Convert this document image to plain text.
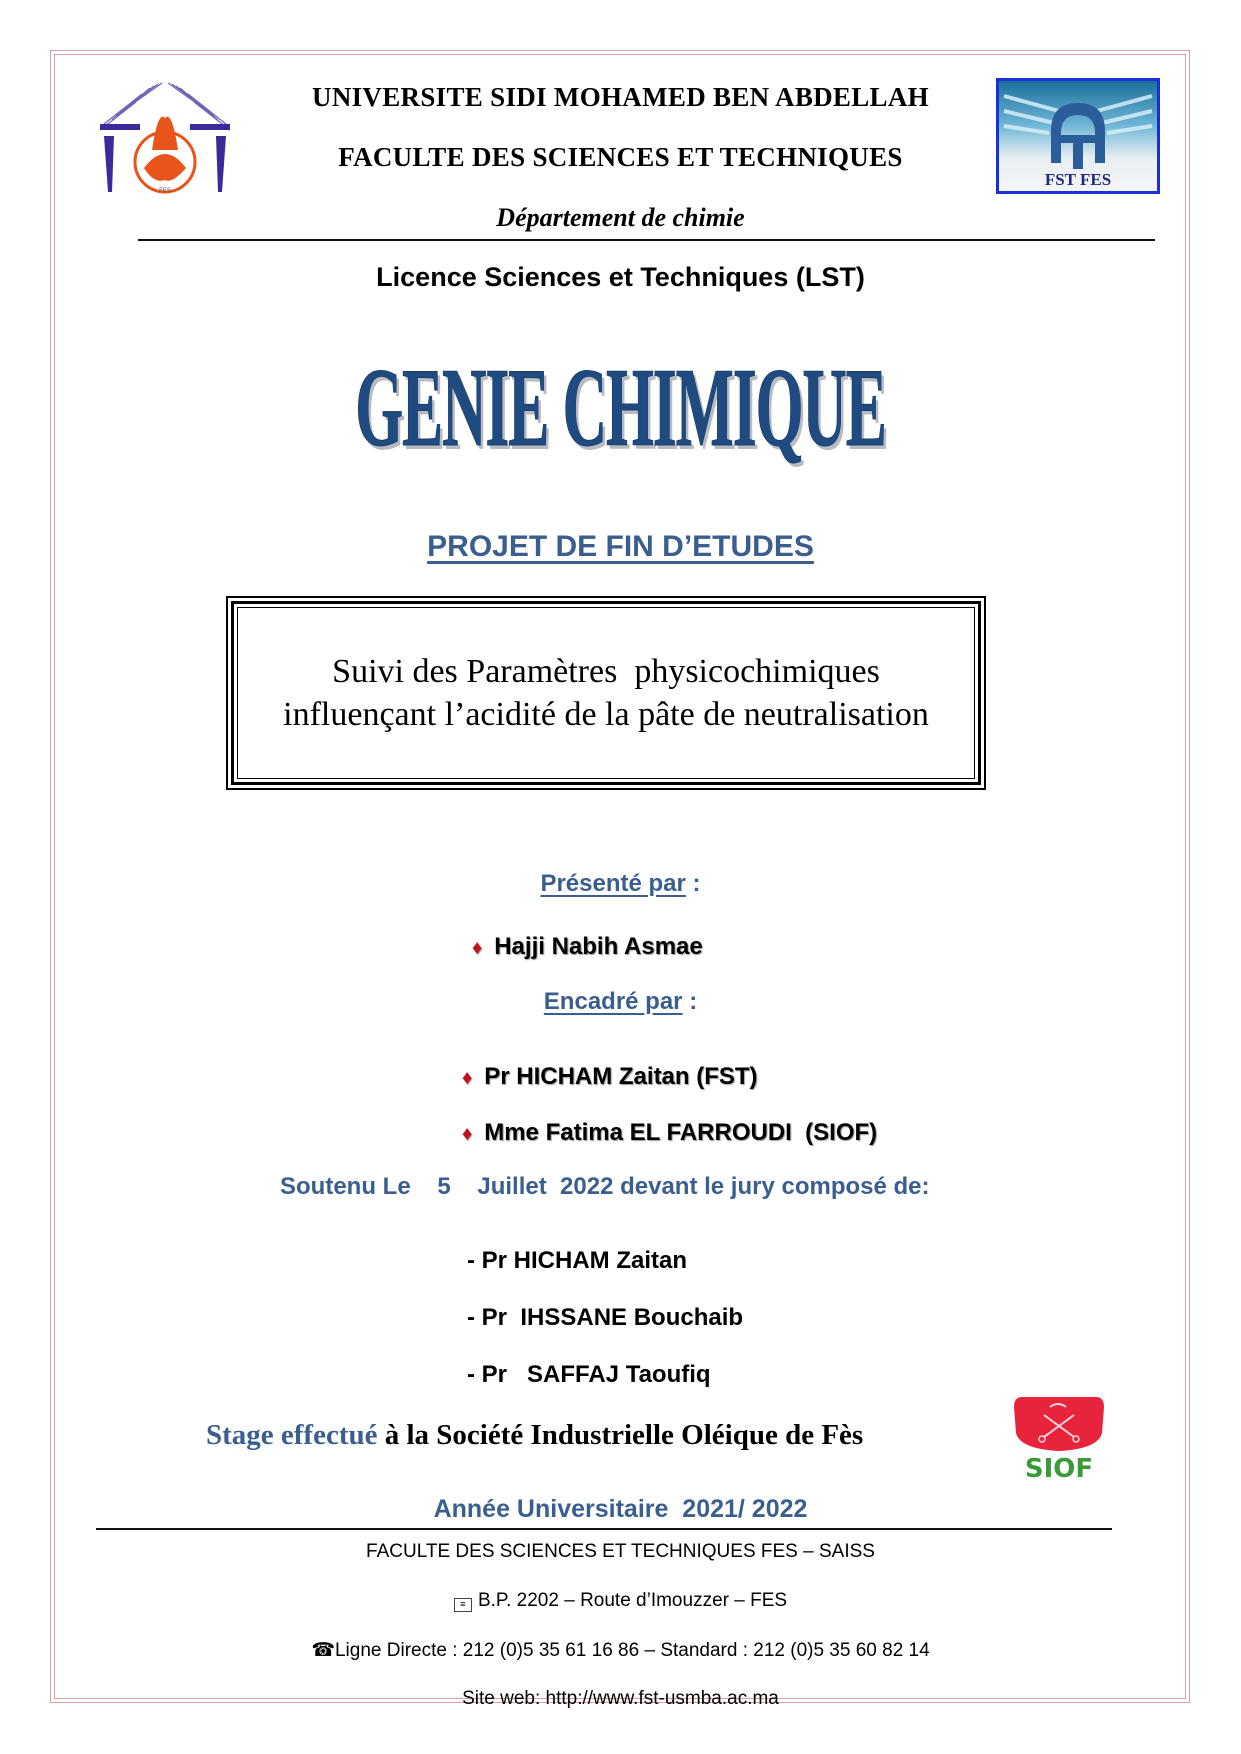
FES
UNIVERSITE SIDI MOHAMED BEN ABDELLAH
FACULTE DES SCIENCES ET TECHNIQUES
Département de chimie
FST FES
Licence Sciences et Techniques (LST)
GENIE CHIMIQUE
PROJET DE FIN D’ETUDES
Suivi des Paramètres  physicochimiques
influençant l’acidité de la pâte de neutralisation
Présenté par :
♦ Hajji Nabih Asmae
Encadré par :
♦ Pr HICHAM Zaitan (FST)
♦ Mme Fatima EL FARROUDI  (SIOF)
Soutenu Le    5    Juillet  2022 devant le jury composé de:
- Pr HICHAM Zaitan
- Pr  IHSSANE Bouchaib
- Pr   SAFFAJ Taoufiq
Stage effectué à la Société Industrielle Oléique de Fès
SIOF
Année Universitaire  2021/ 2022
FACULTE DES SCIENCES ET TECHNIQUES FES – SAISS
≡ B.P. 2202 – Route d’Imouzzer – FES
☎Ligne Directe : 212 (0)5 35 61 16 86 – Standard : 212 (0)5 35 60 82 14
Site web: http://www.fst-usmba.ac.ma
